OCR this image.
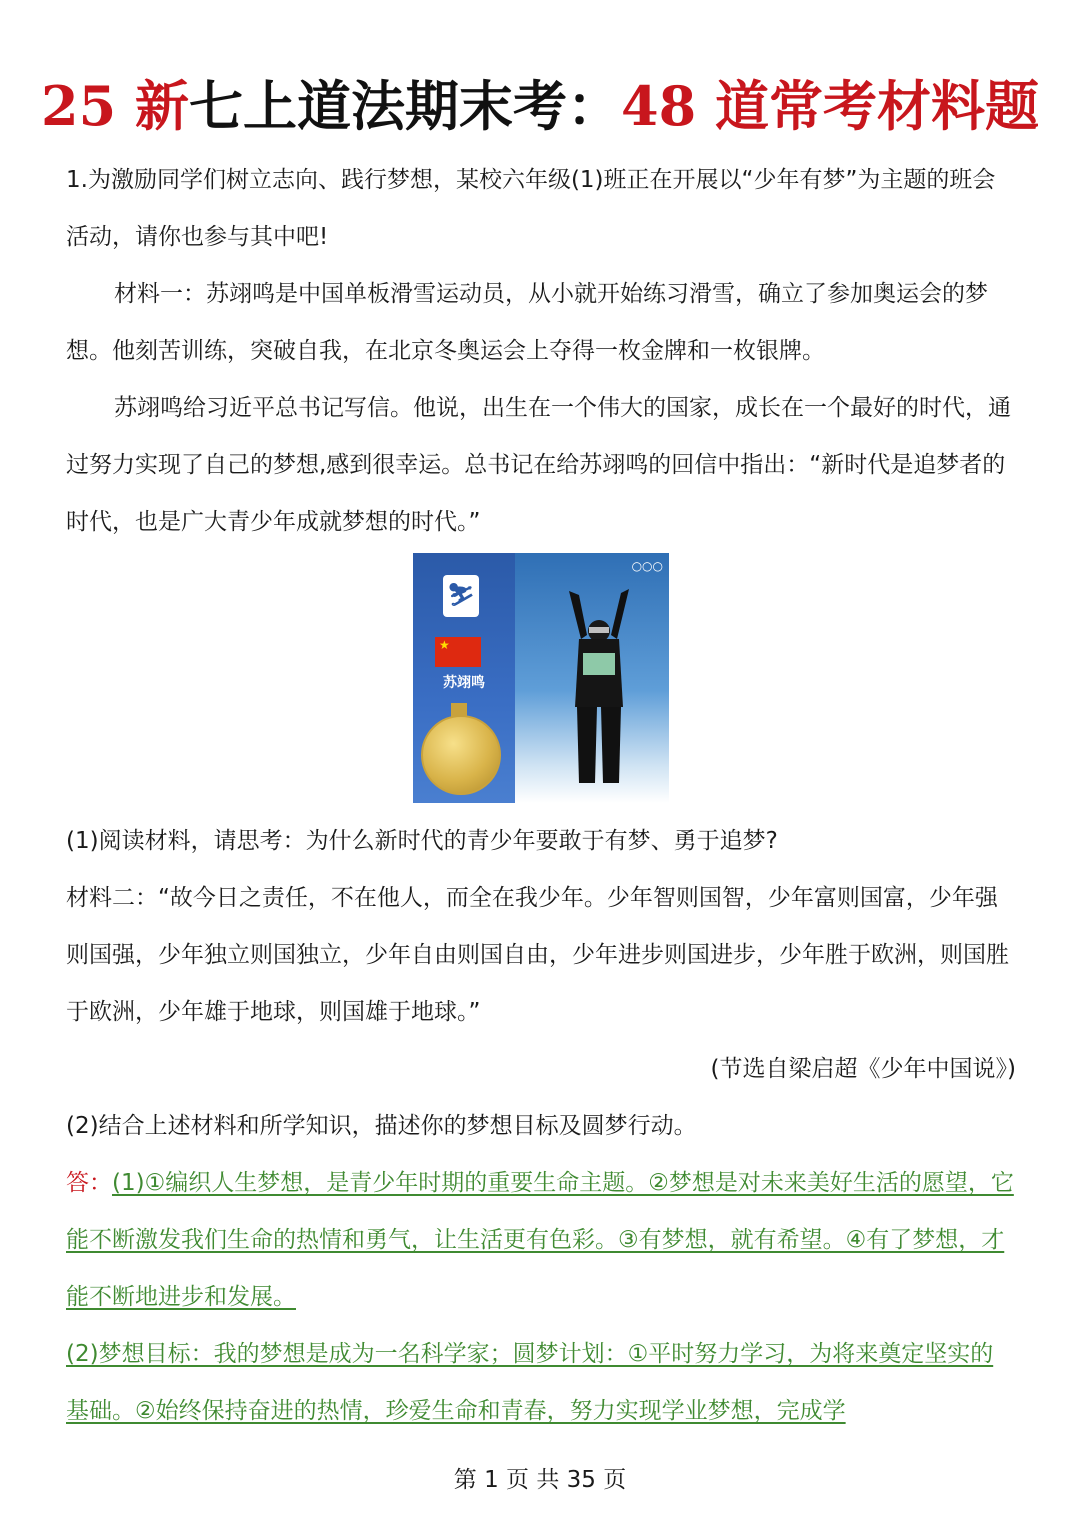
25 新七上道法期末考：48 道常考材料题

1.为激励同学们树立志向、践行梦想，某校六年级(1)班正在开展以“少年有梦”为主题的班会活动，请你也参与其中吧!

材料一：苏翊鸣是中国单板滑雪运动员，从小就开始练习滑雪，确立了参加奥运会的梦想。他刻苦训练，突破自我，在北京冬奥运会上夺得一枚金牌和一枚银牌。

苏翊鸣给习近平总书记写信。他说，出生在一个伟大的国家，成长在一个最好的时代，通过努力实现了自己的梦想,感到很幸运。总书记在给苏翊鸣的回信中指出：“新时代是追梦者的时代，也是广大青少年成就梦想的时代。”

⛷
★
苏翊鸣
○○○

(1)阅读材料，请思考：为什么新时代的青少年要敢于有梦、勇于追梦?

材料二：“故今日之责任，不在他人，而全在我少年。少年智则国智，少年富则国富，少年强则国强，少年独立则国独立，少年自由则国自由，少年进步则国进步，少年胜于欧洲，则国胜于欧洲，少年雄于地球，则国雄于地球。”

(节选自梁启超《少年中国说》)

(2)结合上述材料和所学知识，描述你的梦想目标及圆梦行动。

答：(1)①编织人生梦想，是青少年时期的重要生命主题。②梦想是对未来美好生活的愿望，它能不断激发我们生命的热情和勇气，让生活更有色彩。③有梦想，就有希望。④有了梦想，才能不断地进步和发展。

(2)梦想目标：我的梦想是成为一名科学家；圆梦计划：①平时努力学习，为将来奠定坚实的基础。②始终保持奋进的热情，珍爱生命和青春，努力实现学业梦想，完成学

第 1 页 共 35 页
